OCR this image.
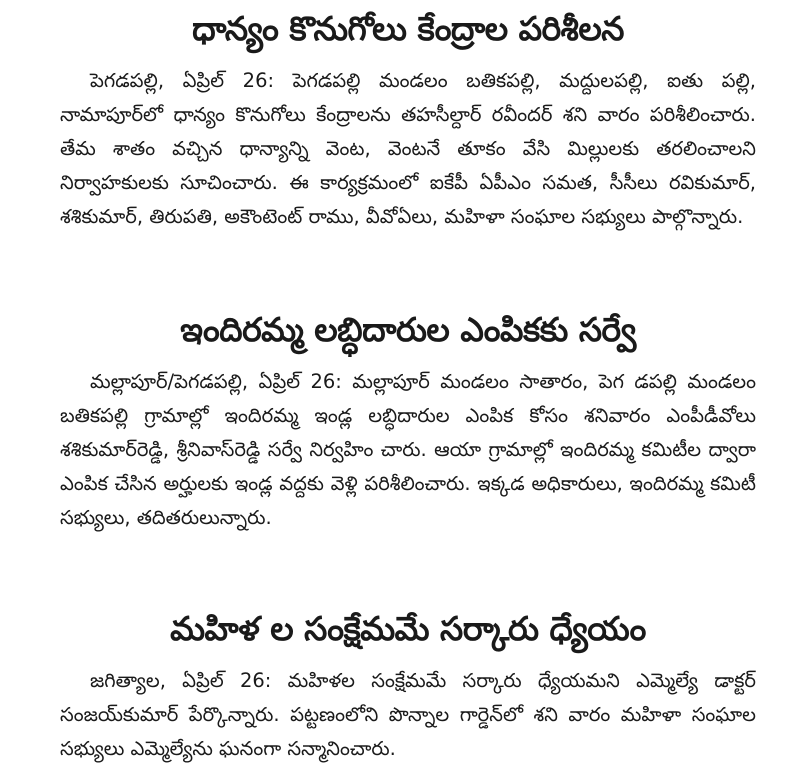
ధాన్యం కొనుగోలు కేంద్రాల పరిశీలన

పెగడపల్లి, ఏప్రిల్ 26: పెగడపల్లి మండలం బతికపల్లి, మద్దులపల్లి, ఐతు పల్లి, నామాపూర్‌లో ధాన్యం కొనుగోలు కేంద్రాలను తహసీల్దార్ రవీందర్ శని వారం పరిశీలించారు. తేమ శాతం వచ్చిన ధాన్యాన్ని వెంట, వెంటనే తూకం వేసి మిల్లులకు తరలించాలని నిర్వాహకులకు సూచించారు. ఈ కార్యక్రమంలో ఐకేపీ ఏపీఎం సమత, సీసీలు రవికుమార్, శశికుమార్, తిరుపతి, అకౌంటెంట్ రాము, వీవోఏలు, మహిళా సంఘాల సభ్యులు పాల్గొన్నారు.

ఇందిరమ్మ లబ్ధిదారుల ఎంపికకు సర్వే

మల్లాపూర్/పెగడపల్లి, ఏప్రిల్ 26: మల్లాపూర్ మండలం సాతారం, పెగ డపల్లి మండలం బతికపల్లి గ్రామాల్లో ఇందిరమ్మ ఇండ్ల లబ్ధిదారుల ఎంపిక కోసం శనివారం ఎంపీడీవోలు శశికుమార్‌రెడ్డి, శ్రీనివాస్‌రెడ్డి సర్వే నిర్వహిం చారు. ఆయా గ్రామాల్లో ఇందిరమ్మ కమిటీల ద్వారా ఎంపిక చేసిన అర్హులకు ఇండ్ల వద్దకు వెళ్లి పరిశీలించారు. ఇక్కడ అధికారులు, ఇందిరమ్మ కమిటీ సభ్యులు, తదితరులున్నారు.

మహిళ ల సంక్షేమమే సర్కారు ధ్యేయం

జగిత్యాల, ఏప్రిల్ 26: మహిళల సంక్షేమమే సర్కారు ధ్యేయమని ఎమ్మెల్యే డాక్టర్ సంజయ్‌కుమార్ పేర్కొన్నారు. పట్టణంలోని పొన్నాల గార్డెన్‌లో శని వారం మహిళా సంఘాల సభ్యులు ఎమ్మెల్యేను ఘనంగా సన్మానించారు.
